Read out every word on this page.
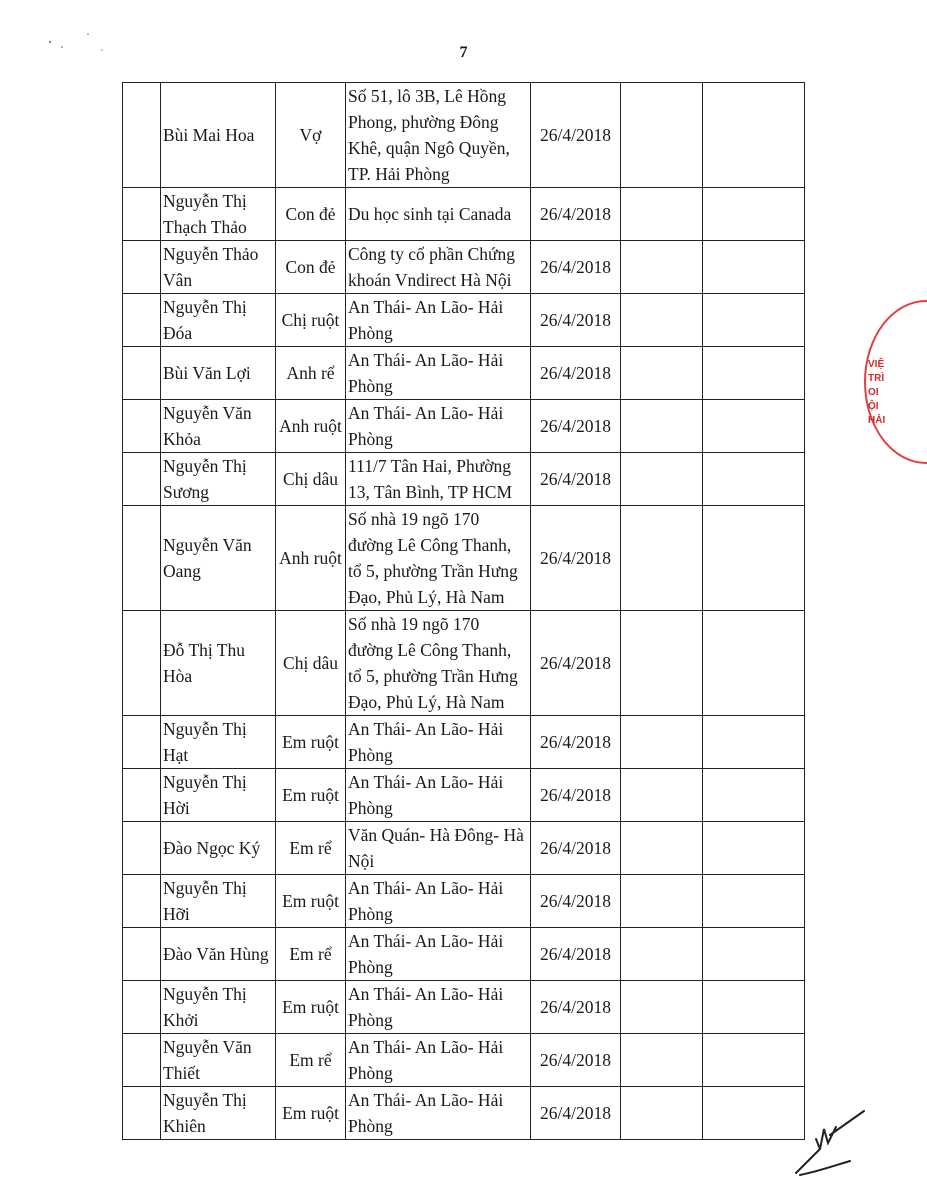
7
	Bùi Mai Hoa	Vợ	Số 51, lô 3B, Lê Hồng Phong, phường Đông Khê, quận Ngô Quyền, TP. Hải Phòng	26/4/2018		
	Nguyễn Thị Thạch Thảo	Con đẻ	Du học sinh tại Canada	26/4/2018		
	Nguyễn Thảo Vân	Con đẻ	Công ty cổ phần Chứng khoán Vndirect Hà Nội	26/4/2018		
	Nguyễn Thị Đóa	Chị ruột	An Thái- An Lão- Hải Phòng	26/4/2018		
	Bùi Văn Lợi	Anh rể	An Thái- An Lão- Hải Phòng	26/4/2018		
	Nguyễn Văn Khỏa	Anh ruột	An Thái- An Lão- Hải Phòng	26/4/2018		
	Nguyễn Thị Sương	Chị dâu	111/7 Tân Hai, Phường 13, Tân Bình, TP HCM	26/4/2018		
	Nguyễn Văn Oang	Anh ruột	Số nhà 19 ngõ 170 đường Lê Công Thanh, tổ 5, phường Trần Hưng Đạo, Phủ Lý, Hà Nam	26/4/2018		
	Đỗ Thị Thu Hòa	Chị dâu	Số nhà 19 ngõ 170 đường Lê Công Thanh, tổ 5, phường Trần Hưng Đạo, Phủ Lý, Hà Nam	26/4/2018		
	Nguyễn Thị Hạt	Em ruột	An Thái- An Lão- Hải Phòng	26/4/2018		
	Nguyễn Thị Hời	Em ruột	An Thái- An Lão- Hải Phòng	26/4/2018		
	Đào Ngọc Ký	Em rể	Văn Quán- Hà Đông- Hà Nội	26/4/2018		
	Nguyễn Thị Hỡi	Em ruột	An Thái- An Lão- Hải Phòng	26/4/2018		
	Đào Văn Hùng	Em rể	An Thái- An Lão- Hải Phòng	26/4/2018		
	Nguyễn Thị Khởi	Em ruột	An Thái- An Lão- Hải Phòng	26/4/2018		
	Nguyễn Văn Thiết	Em rể	An Thái- An Lão- Hải Phòng	26/4/2018		
	Nguyễn Thị Khiên	Em ruột	An Thái- An Lão- Hải Phòng	26/4/2018		
VIỆ
TRÌ
OI
ỘI
HẢI
